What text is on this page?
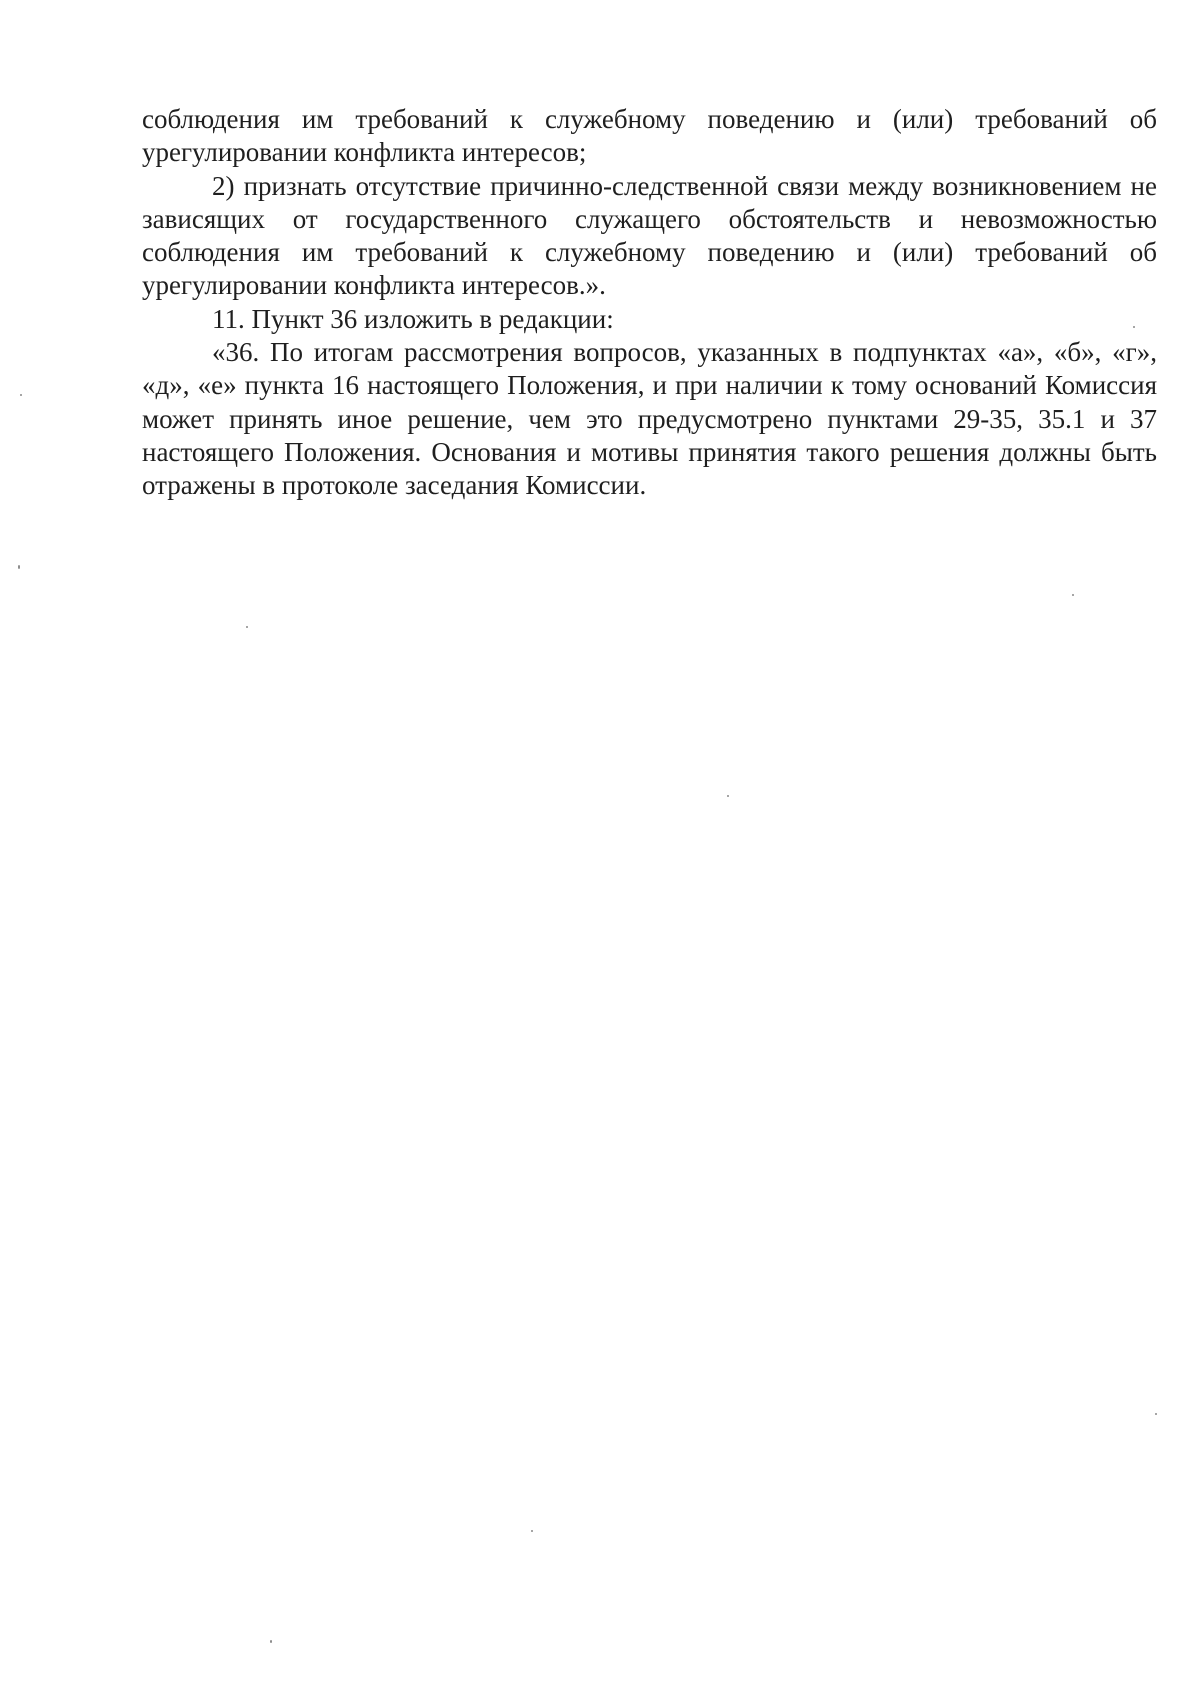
соблюдения им требований к служебному поведению и (или) требований об урегулировании конфликта интересов;

2) признать отсутствие причинно-следственной связи между возникновением не зависящих от государственного служащего обстоятельств и невозможностью соблюдения им требований к служебному поведению и (или) требований об урегулировании конфликта интересов.».

11. Пункт 36 изложить в редакции:

«36. По итогам рассмотрения вопросов, указанных в подпунктах «а», «б», «г», «д», «е» пункта 16 настоящего Положения, и при наличии к тому оснований Комиссия может принять иное решение, чем это предусмотрено пунктами 29-35, 35.1 и 37 настоящего Положения. Основания и мотивы принятия такого решения должны быть отражены в протоколе заседания Комиссии.
